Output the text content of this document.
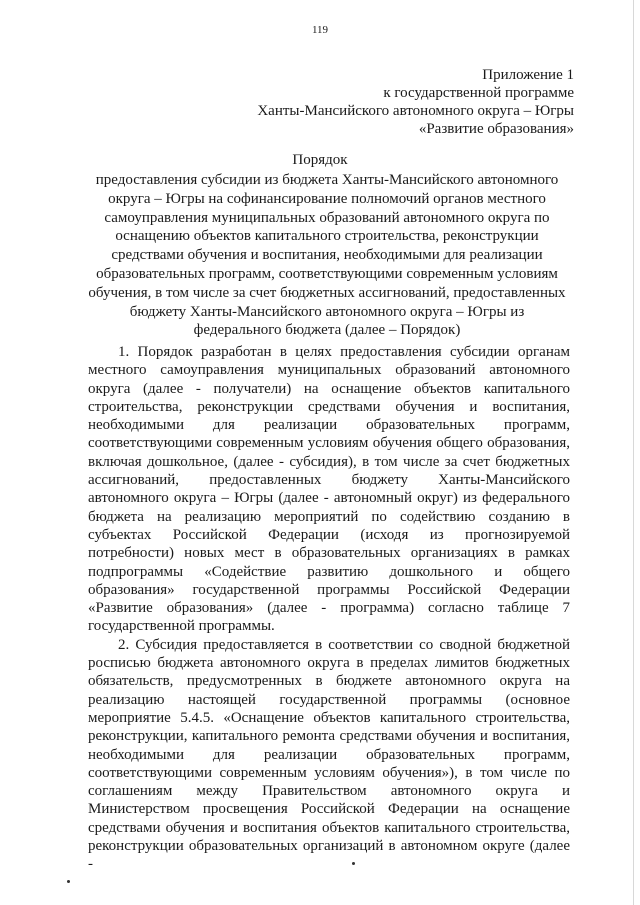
119
Приложение 1
к государственной программе
Ханты-Мансийского автономного округа – Югры
«Развитие образования»
Порядок
предоставления субсидии из бюджета Ханты-Мансийского автономного округа – Югры на софинансирование полномочий органов местного самоуправления муниципальных образований автономного округа по оснащению объектов капитального строительства, реконструкции средствами обучения и воспитания, необходимыми для реализации образовательных программ, соответствующими современным условиям обучения, в том числе за счет бюджетных ассигнований, предоставленных бюджету Ханты-Мансийского автономного округа – Югры из федерального бюджета (далее – Порядок)

1. Порядок разработан в целях предоставления субсидии органам местного самоуправления муниципальных образований автономного округа (далее - получатели) на оснащение объектов капитального строительства, реконструкции средствами обучения и воспитания, необходимыми для реализации образовательных программ, соответствующими современным условиям обучения общего образования, включая дошкольное, (далее - субсидия), в том числе за счет бюджетных ассигнований, предоставленных бюджету Ханты-Мансийского автономного округа – Югры (далее - автономный округ) из федерального бюджета на реализацию мероприятий по содействию созданию в субъектах Российской Федерации (исходя из прогнозируемой потребности) новых мест в образовательных организациях в рамках подпрограммы «Содействие развитию дошкольного и общего образования» государственной программы Российской Федерации «Развитие образования» (далее - программа) согласно таблице 7 государственной программы.

2. Субсидия предоставляется в соответствии со сводной бюджетной росписью бюджета автономного округа в пределах лимитов бюджетных обязательств, предусмотренных в бюджете автономного округа на реализацию настоящей государственной программы (основное мероприятие 5.4.5. «Оснащение объектов капитального строительства, реконструкции, капитального ремонта средствами обучения и воспитания, необходимыми для реализации образовательных программ, соответствующими современным условиям обучения»), в том числе по соглашениям между Правительством автономного округа и Министерством просвещения Российской Федерации на оснащение средствами обучения и воспитания объектов капитального строительства, реконструкции образовательных организаций в автономном округе (далее -
